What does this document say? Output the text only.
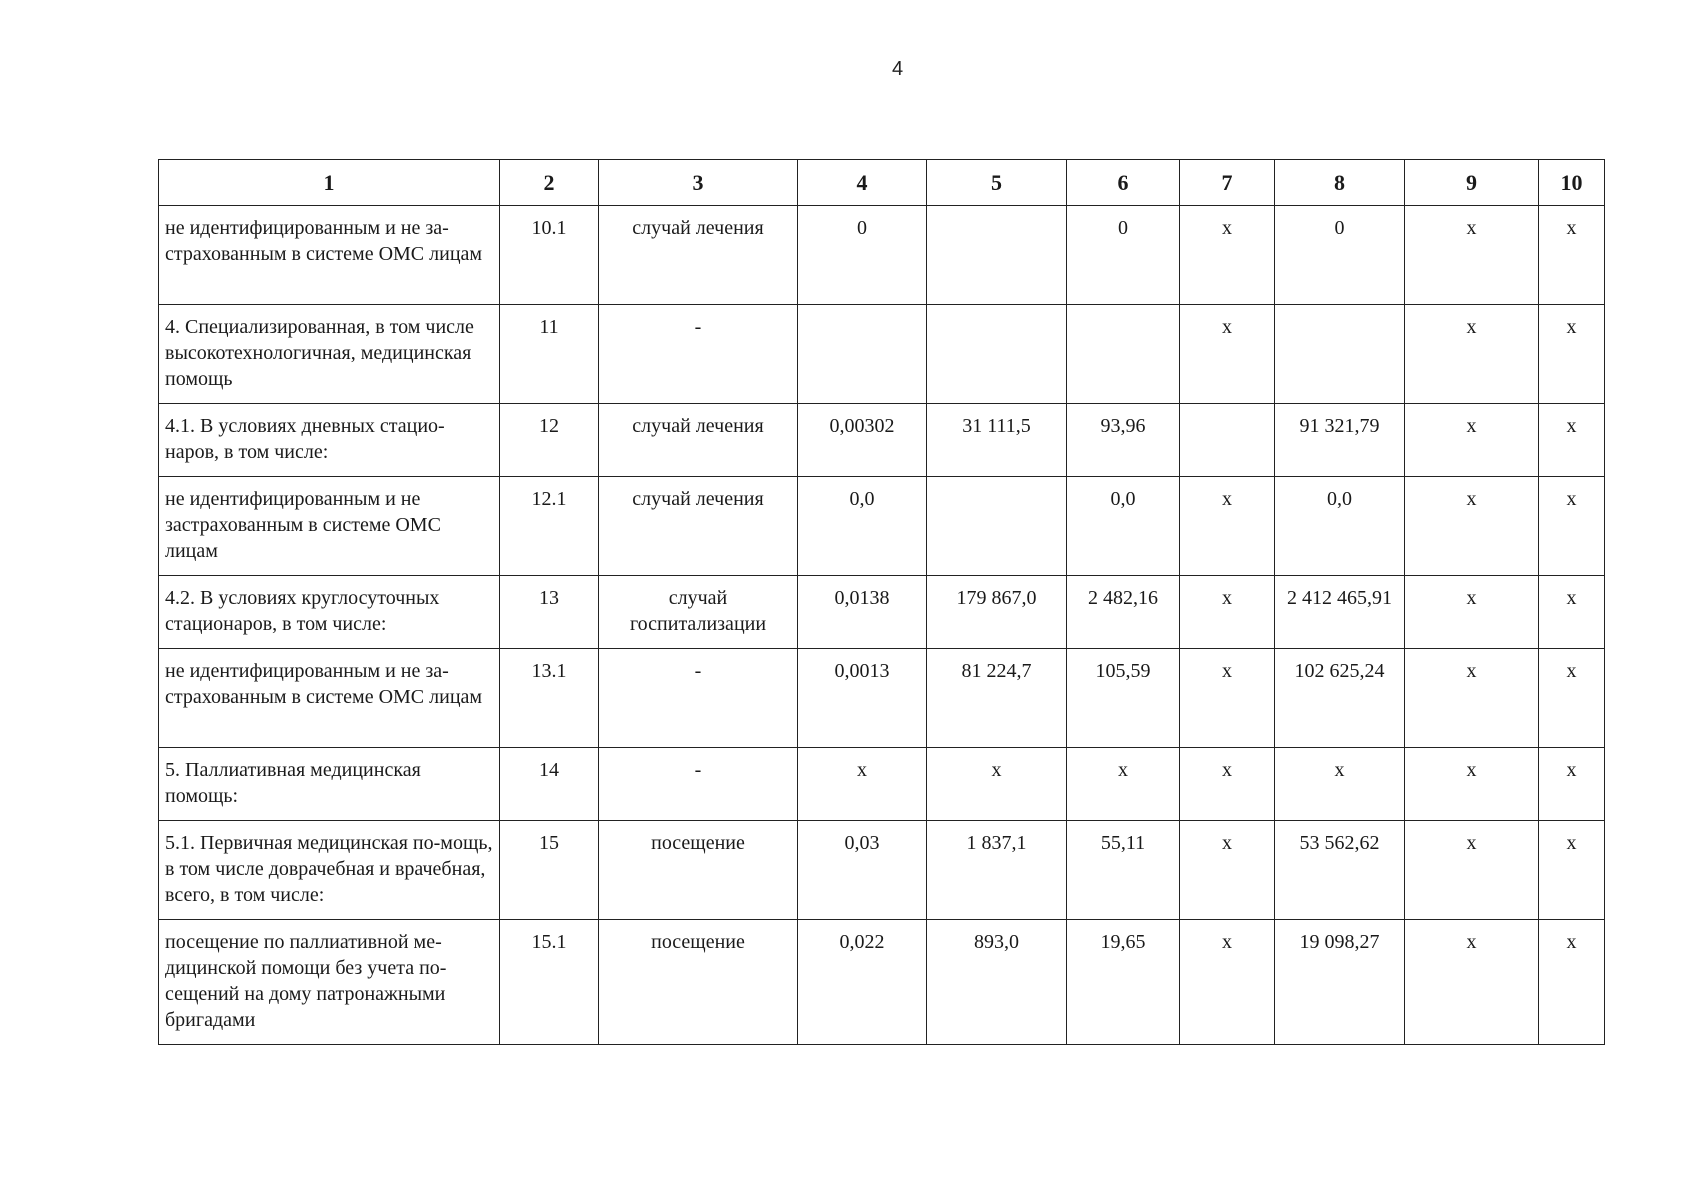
4
1	2	3	4	5	6	7	8	9	10
не идентифицированным и не за-страхованным в системе ОМС лицам	10.1	случай лечения	0		0	х	0	х	х
4. Специализированная, в том числе высокотехнологичная, медицинская помощь	11	-				х		х	х
4.1. В условиях дневных стацио-наров, в том числе:	12	случай лечения	0,00302	31 111,5	93,96		91 321,79	х	х
не идентифицированным и не застрахованным в системе ОМС лицам	12.1	случай лечения	0,0		0,0	х	0,0	х	х
4.2. В условиях круглосуточных стационаров, в том числе:	13	случай госпитализации	0,0138	179 867,0	2 482,16	х	2 412 465,91	х	х
не идентифицированным и не за-страхованным в системе ОМС лицам	13.1	-	0,0013	81 224,7	105,59	х	102 625,24	х	х
5. Паллиативная медицинская помощь:	14	-	х	х	х	х	х	х	х
5.1. Первичная медицинская по-мощь, в том числе доврачебная и врачебная, всего, в том числе:	15	посещение	0,03	1 837,1	55,11	х	53 562,62	х	х
посещение по паллиативной ме-дицинской помощи без учета по-сещений на дому патронажными бригадами	15.1	посещение	0,022	893,0	19,65	х	19 098,27	х	х
